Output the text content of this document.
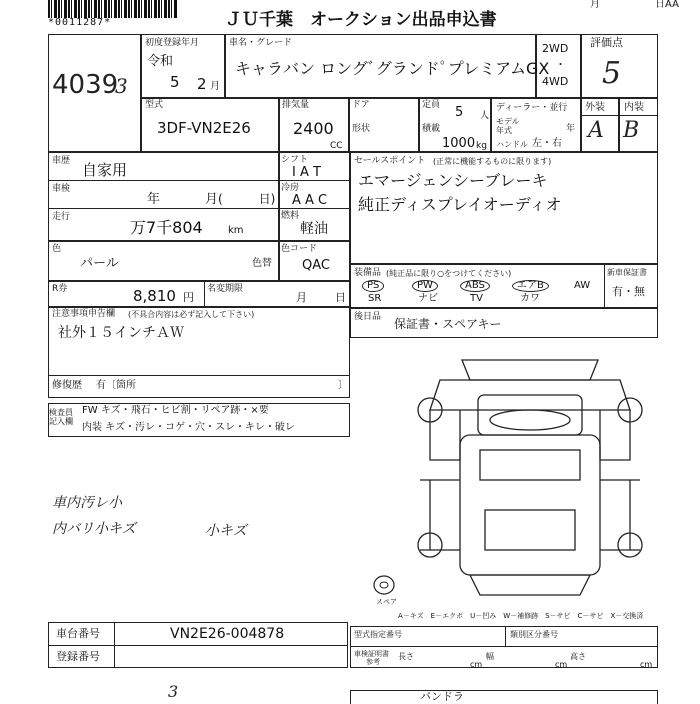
*0011287*	ＪＵ千葉　オークション出品申込書
月	日AA
4039
3
初度登録年月
令和
5 2 月
車名・グレード
キャラバン ロングﾞグランドﾟプレミアムGX
2WD
・
4WD
評価点
5
型式
3DF-VN2E26
排気量
2400
CC
ドア
形状
定員 5 人
積載
1000 kg
ディーラー・並行
モデル年式	年
ハンドル 左・右
外装 内装
A B
車歴 自家用
車検
年	月 (　　　日)
走行
万7千804	km
シフト
I A T
冷房
A A C
燃料
軽油
色
パール	色替
色コード
QAC
R券	8,810 円
名変期限
月	日
注意事項申告欄 (不具合内容は必ず記入して下さい)
社外１５インチＡＷ
修復歴 有〔箇所	〕
セールスポイント (正常に機能するものに限ります)
エマージェンシーブレーキ
純正ディスプレイオーディオ
装備品 (純正品に限り○をつけてください)
PS	PW	ABS	エアB	AW
SR	ナビ	TV	カワ
新車保証書
有・無
後日品 保証書・スペアキー
検査員記入欄
FW キズ・飛石・ヒビ割・リペア跡・×要
内装 キズ・汚レ・コゲ・穴・スレ・キレ・破レ
車内汚レ小
内バリ小キズ	小キズ
スペア
A－キズ　E－エクボ　U－凹み　W－補修跡　S－サビ　C－サビ　X－交換済
車台番号	VN2E26-004878
登録番号
型式指定番号	類別区分番号
車検証明書
参考
長さ	幅	高さ
cm	cm	cm
3	バンドラ
